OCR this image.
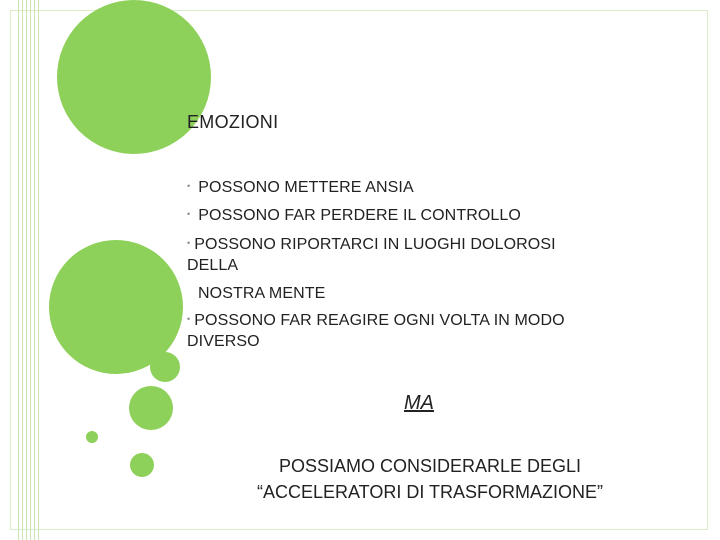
EMOZIONI
• POSSONO METTERE ANSIA
• POSSONO FAR PERDERE IL CONTROLLO
• POSSONO RIPORTARCI IN LUOGHI DOLOROSI
DELLA
NOSTRA MENTE
• POSSONO FAR REAGIRE OGNI VOLTA IN MODO
DIVERSO
MA
POSSIAMO CONSIDERARLE DEGLI
“ACCELERATORI DI TRASFORMAZIONE”
